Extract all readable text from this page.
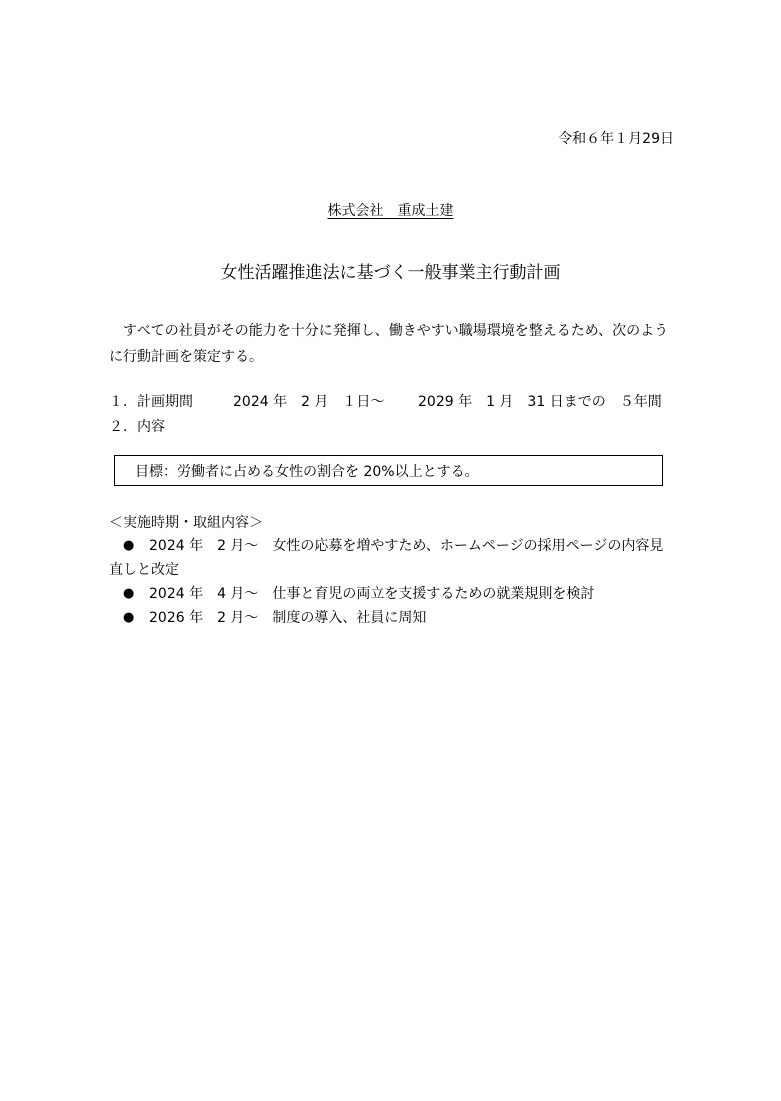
令和６年１月29日
株式会社　重成土建
女性活躍推進法に基づく一般事業主行動計画
すべての社員がその能力を十分に発揮し、働きやすい職場環境を整えるため、次のように行動計画を策定する。
１．計画期間	2024 年　2 月　１日～ 2029 年　1 月　31 日までの　５年間
２．内容
目標：労働者に占める女性の割合を 20%以上とする。
＜実施時期・取組内容＞
● 2024 年　2 月～　女性の応募を増やすため、ホームページの採用ページの内容見
直しと改定
● 2024 年　4 月～　仕事と育児の両立を支援するための就業規則を検討
● 2026 年　2 月～　制度の導入、社員に周知
